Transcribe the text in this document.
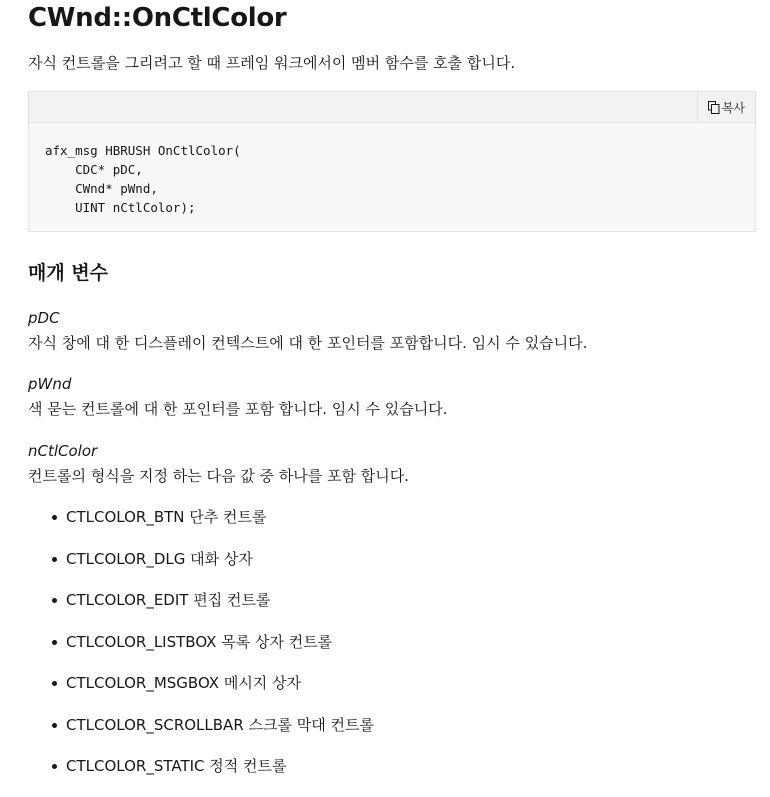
CWnd::OnCtlColor
자식 컨트롤을 그리려고 할 때 프레임 워크에서이 멤버 함수를 호출 합니다.
복사
afx_msg HBRUSH OnCtlColor(
CDC* pDC,
CWnd* pWnd,
UINT nCtlColor);
매개 변수
pDC
자식 창에 대 한 디스플레이 컨텍스트에 대 한 포인터를 포함합니다. 임시 수 있습니다.
pWnd
색 묻는 컨트롤에 대 한 포인터를 포함 합니다. 임시 수 있습니다.
nCtlColor
컨트롤의 형식을 지정 하는 다음 값 중 하나를 포함 합니다.
CTLCOLOR_BTN 단추 컨트롤
CTLCOLOR_DLG 대화 상자
CTLCOLOR_EDIT 편집 컨트롤
CTLCOLOR_LISTBOX 목록 상자 컨트롤
CTLCOLOR_MSGBOX 메시지 상자
CTLCOLOR_SCROLLBAR 스크롤 막대 컨트롤
CTLCOLOR_STATIC 정적 컨트롤
